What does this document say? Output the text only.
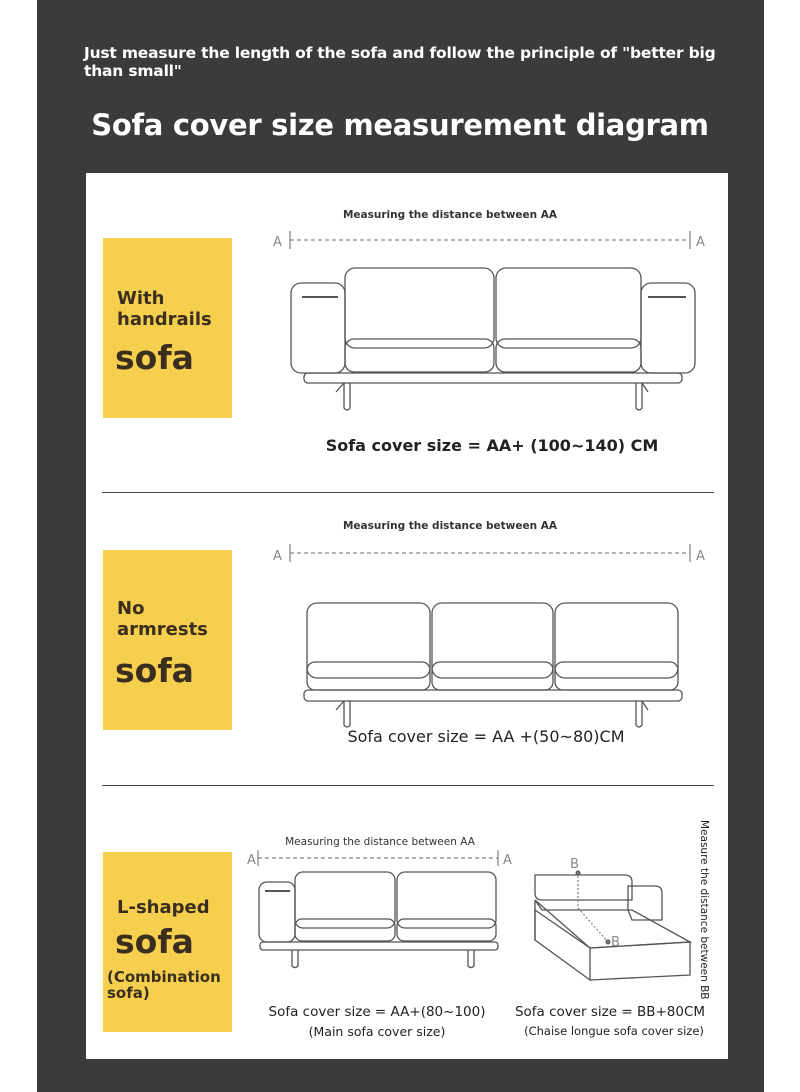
Just measure the length of the sofa and follow the principle of "better big than small"
Sofa cover size measurement diagram
With
handrails
sofa
No
armrests
sofa
L-shaped
sofa
(Combination
sofa)
Measuring the distance between AA
Measuring the distance between AA
Measuring the distance between AA
Sofa cover size = AA+ (100~140) CM
Sofa cover size = AA +(50~80)CM
Sofa cover size = AA+(80~100)
(Main sofa cover size)
Sofa cover size = BB+80CM
(Chaise longue sofa cover size)
Measure the distance between BB
A	A
A	A
A	A	B
B
